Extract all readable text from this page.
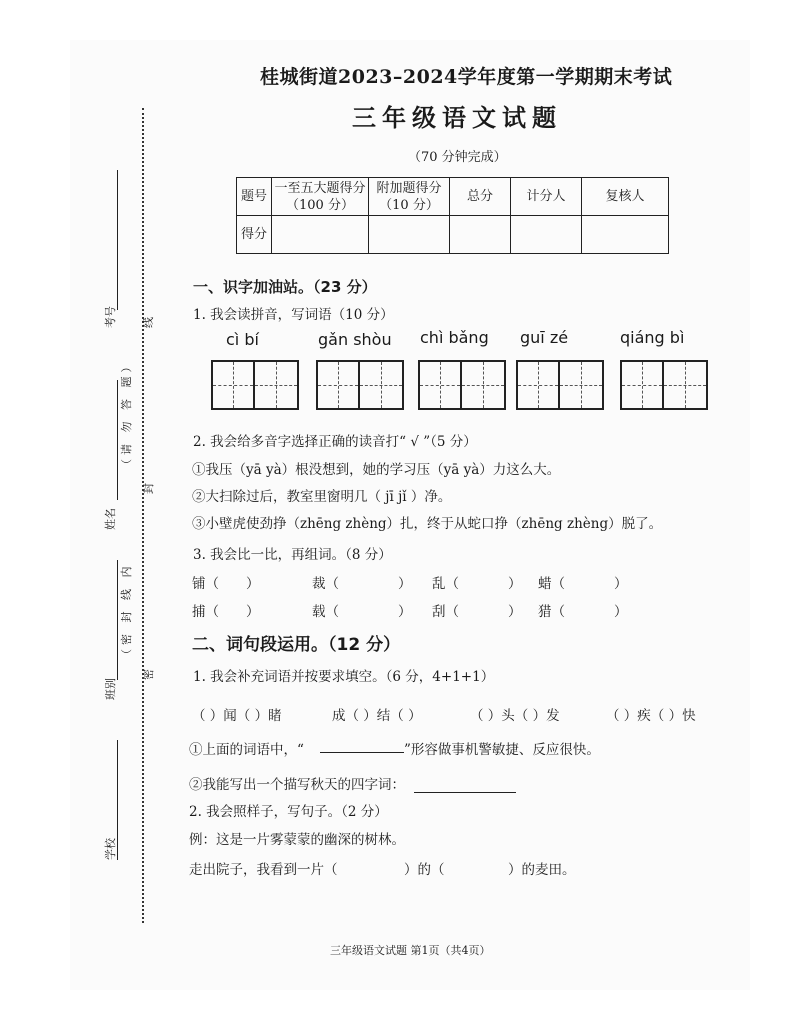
桂城街道2023–2024学年度第一学期期末考试
三年级语文试题
（70 分钟完成）
题号	一至五大题得分（100 分）	附加题得分（10 分）	总分	计分人	复核人
得分					
考号 线
姓名
（请 勿 答 题）
封
班别
（密 封 线 内
密
学校
一、识字加油站。（23 分）
1. 我会读拼音，写词语（10 分）
cì bí	gǎn shòu chì bǎng guī zé	qiáng bì
2. 我会给多音字选择正确的读音打“ √ ”（5 分）
①我压（yā yà）根没想到，她的学习压（yā yà）力这么大。
②大扫除过后，教室里窗明几（ jī jǐ ）净。
③小壁虎使劲挣（zhēng zhèng）扎，终于从蛇口挣（zhēng zhèng）脱了。
3. 我会比一比，再组词。（8 分）
铺（ ）	裁（	） 乱（	） 蜡（	）
捕（ ）	载（	） 刮（	） 猎（	）
二、词句段运用。（12 分）
1. 我会补充词语并按要求填空。（6 分，4+1+1）
（ ）闻（ ）睹	成（ ）结（ ）	（ ）头（ ）发	（ ）疾（ ）快
①上面的词语中，“	”形容做事机警敏捷、反应很快。
②我能写出一个描写秋天的四字词：
2. 我会照样子，写句子。（2 分）
例：这是一片雾蒙蒙的幽深的树林。
走出院子，我看到一片（	）的（	）的麦田。
三年级语文试题 第1页（共4页）
